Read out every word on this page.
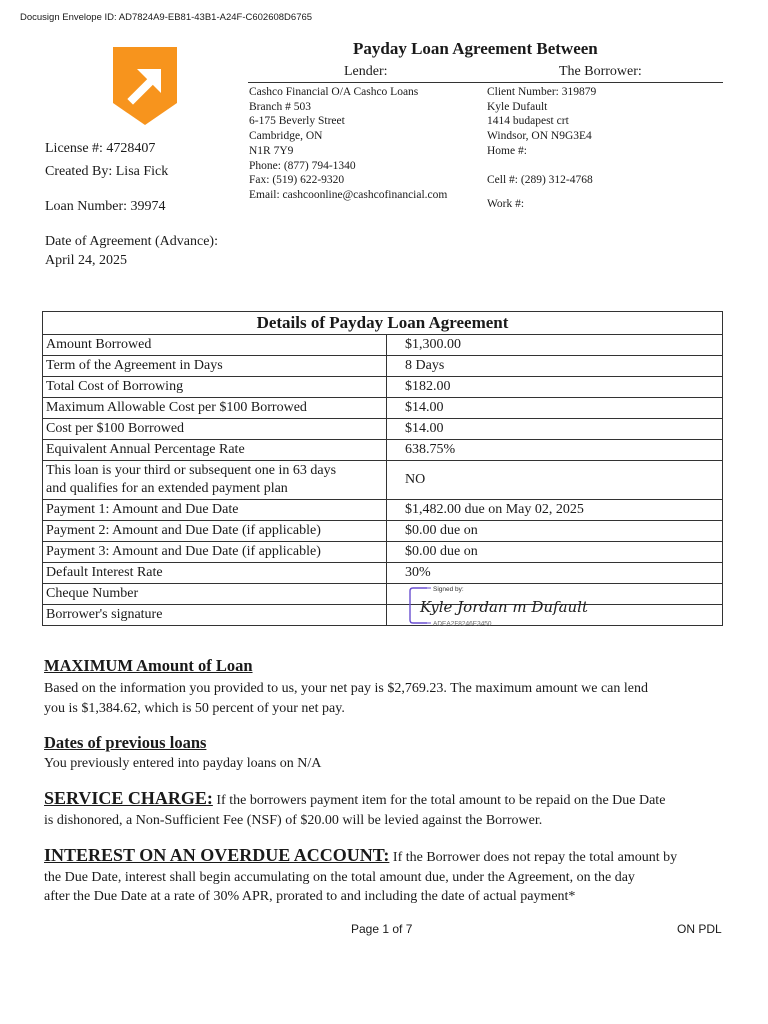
Docusign Envelope ID: AD7824A9-EB81-43B1-A24F-C602608D6765
Payday Loan Agreement Between
Lender:	The Borrower:
Cashco Financial O/A Cashco Loans
Branch # 503
6-175 Beverly Street
Cambridge, ON
N1R 7Y9
Phone: (877) 794-1340
Fax: (519) 622-9320
Email: cashcoonline@cashcofinancial.com
Client Number: 319879
Kyle Dufault
1414 budapest crt
Windsor, ON N9G3E4
Home #:
Cell #: (289) 312-4768
Work #:
License #: 4728407
Created By: Lisa Fick
Loan Number: 39974
Date of Agreement (Advance):
April 24, 2025
Details of Payday Loan Agreement	
Amount Borrowed	$1,300.00
Term of the Agreement in Days	8 Days
Total Cost of Borrowing	$182.00
Maximum Allowable Cost per $100 Borrowed	$14.00
Cost per $100 Borrowed	$14.00
Equivalent Annual Percentage Rate	638.75%

This loan is your third or subsequent one in 63 days
and qualifies for an extended payment plan	NO
Payment 1: Amount and Due Date	$1,482.00 due on May 02, 2025
Payment 2: Amount and Due Date (if applicable)	$0.00 due on
Payment 3: Amount and Due Date (if applicable)	$0.00 due on
Default Interest Rate	30%
Cheque Number	
Borrower's signature	Signed by:
Kyle Jordan m Dufault
ADEA2F8246E3450
MAXIMUM Amount of Loan
Based on the information you provided to us, your net pay is $2,769.23. The maximum amount we can lend
you is $1,384.62, which is 50 percent of your net pay.
Dates of previous loans
You previously entered into payday loans on N/A
SERVICE CHARGE: If the borrowers payment item for the total amount to be repaid on the Due Date
is dishonored, a Non-Sufficient Fee (NSF) of $20.00 will be levied against the Borrower.
INTEREST ON AN OVERDUE ACCOUNT: If the Borrower does not repay the total amount by
the Due Date, interest shall begin accumulating on the total amount due, under the Agreement, on the day
after the Due Date at a rate of 30% APR, prorated to and including the date of actual payment*
Page 1 of 7	ON PDL
